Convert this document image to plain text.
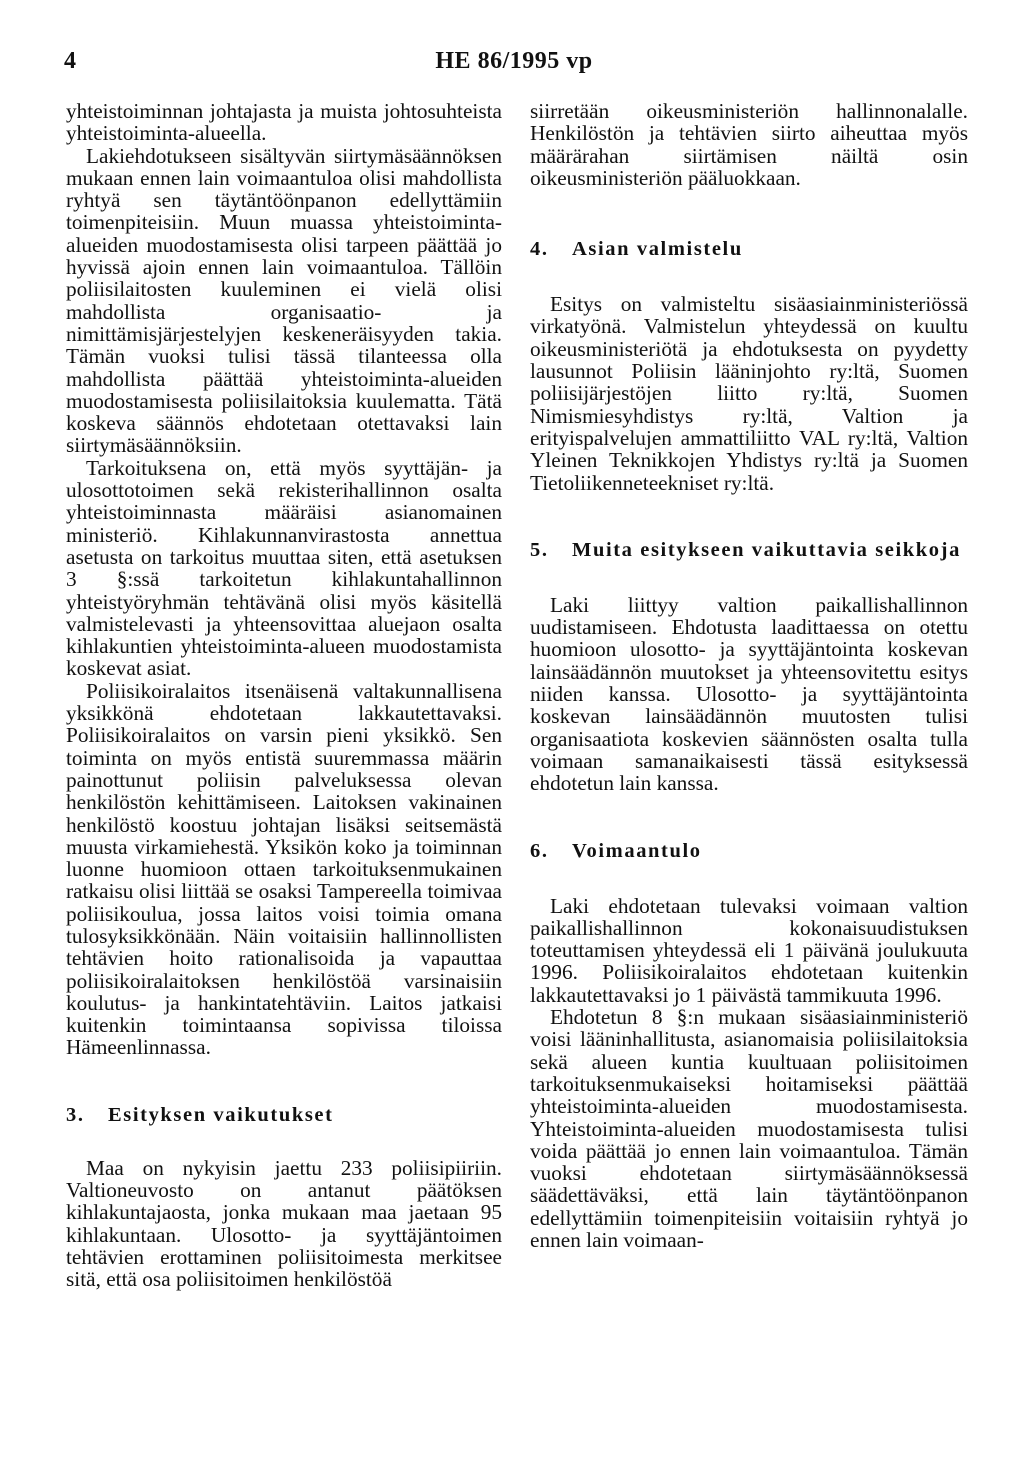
4	HE 86/1995 vp

yhteistoiminnan johtajasta ja muista johtosuhteista yhteistoiminta-alueella.

Lakiehdotukseen sisältyvän siirtymäsäännöksen mukaan ennen lain voimaantuloa olisi mahdollista ryhtyä sen täytäntöönpanon edellyttämiin toimenpiteisiin. Muun muassa yhteistoiminta-alueiden muodostamisesta olisi tarpeen päättää jo hyvissä ajoin ennen lain voimaantuloa. Tällöin poliisilaitosten kuuleminen ei vielä olisi mahdollista organisaatio- ja nimittämisjärjestelyjen keskeneräisyyden takia. Tämän vuoksi tulisi tässä tilanteessa olla mahdollista päättää yhteistoiminta-alueiden muodostamisesta poliisilaitoksia kuulematta. Tätä koskeva säännös ehdotetaan otettavaksi lain siirtymäsäännöksiin.

Tarkoituksena on, että myös syyttäjän- ja ulosottotoimen sekä rekisterihallinnon osalta yhteistoiminnasta määräisi asianomainen ministeriö. Kihlakunnanvirastosta annettua asetusta on tarkoitus muuttaa siten, että asetuksen 3 §:ssä tarkoitetun kihlakuntahallinnon yhteistyöryhmän tehtävänä olisi myös käsitellä valmistelevasti ja yhteensovittaa aluejaon osalta kihlakuntien yhteistoiminta-alueen muodostamista koskevat asiat.

Poliisikoiralaitos itsenäisenä valtakunnallisena yksikkönä ehdotetaan lakkautettavaksi. Poliisikoiralaitos on varsin pieni yksikkö. Sen toiminta on myös entistä suuremmassa määrin painottunut poliisin palveluksessa olevan henkilöstön kehittämiseen. Laitoksen vakinainen henkilöstö koostuu johtajan lisäksi seitsemästä muusta virkamiehestä. Yksikön koko ja toiminnan luonne huomioon ottaen tarkoituksenmukainen ratkaisu olisi liittää se osaksi Tampereella toimivaa poliisikoulua, jossa laitos voisi toimia omana tulosyksikkönään. Näin voitaisiin hallinnollisten tehtävien hoito rationalisoida ja vapauttaa poliisikoiralaitoksen henkilöstöä varsinaisiin koulutus- ja hankintatehtäviin. Laitos jatkaisi kuitenkin toimintaansa sopivissa tiloissa Hämeenlinnassa.

3.	Esityksen vaikutukset

Maa on nykyisin jaettu 233 poliisipiiriin. Valtioneuvosto on antanut päätöksen kihlakuntajaosta, jonka mukaan maa jaetaan 95 kihlakuntaan. Ulosotto- ja syyttäjäntoimen tehtävien erottaminen poliisitoimesta merkitsee sitä, että osa poliisitoimen henkilöstöä

siirretään oikeusministeriön hallinnonalalle. Henkilöstön ja tehtävien siirto aiheuttaa myös määrärahan siirtämisen näiltä osin oikeusministeriön pääluokkaan.

4.	Asian valmistelu

Esitys on valmisteltu sisäasiainministeriössä virkatyönä. Valmistelun yhteydessä on kuultu oikeusministeriötä ja ehdotuksesta on pyydetty lausunnot Poliisin lääninjohto ry:ltä, Suomen poliisijärjestöjen liitto ry:ltä, Suomen Nimismiesyhdistys ry:ltä, Valtion ja erityispalvelujen ammattiliitto VAL ry:ltä, Valtion Yleinen Teknikkojen Yhdistys ry:ltä ja Suomen Tietoliikenneteekniset ry:ltä.

5.	Muita esitykseen vaikuttavia seikkoja

Laki liittyy valtion paikallishallinnon uudistamiseen. Ehdotusta laadittaessa on otettu huomioon ulosotto- ja syyttäjäntointa koskevan lainsäädännön muutokset ja yhteensovitettu esitys niiden kanssa. Ulosotto- ja syyttäjäntointa koskevan lainsäädännön muutosten tulisi organisaatiota koskevien säännösten osalta tulla voimaan samanaikaisesti tässä esityksessä ehdotetun lain kanssa.

6.	Voimaantulo

Laki ehdotetaan tulevaksi voimaan valtion paikallishallinnon kokonaisuudistuksen toteuttamisen yhteydessä eli 1 päivänä joulukuuta 1996. Poliisikoiralaitos ehdotetaan kuitenkin lakkautettavaksi jo 1 päivästä tammikuuta 1996.

Ehdotetun 8 §:n mukaan sisäasiainministeriö voisi lääninhallitusta, asianomaisia poliisilaitoksia sekä alueen kuntia kuultuaan poliisitoimen tarkoituksenmukaiseksi hoitamiseksi päättää yhteistoiminta-alueiden muodostamisesta. Yhteistoiminta-alueiden muodostamisesta tulisi voida päättää jo ennen lain voimaantuloa. Tämän vuoksi ehdotetaan siirtymäsäännöksessä säädettäväksi, että lain täytäntöönpanon edellyttämiin toimenpiteisiin voitaisiin ryhtyä jo ennen lain voimaan-
